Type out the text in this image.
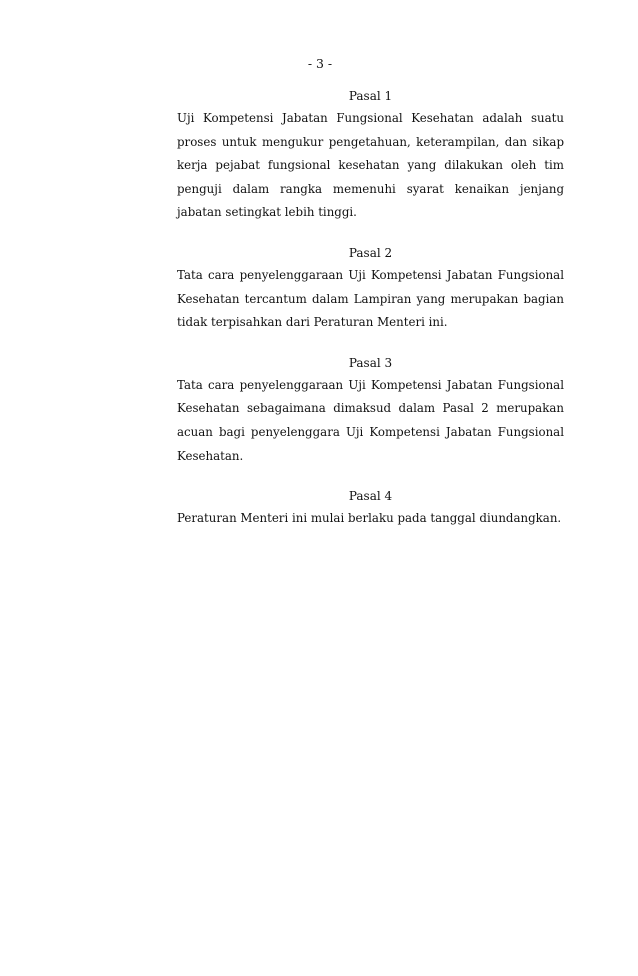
- 3 -
Pasal 1

Uji Kompetensi Jabatan Fungsional Kesehatan adalah suatu proses untuk mengukur pengetahuan, keterampilan, dan sikap kerja pejabat fungsional kesehatan yang dilakukan oleh tim penguji dalam rangka memenuhi syarat kenaikan jenjang jabatan setingkat lebih tinggi.

Pasal 2

Tata cara penyelenggaraan Uji Kompetensi Jabatan Fungsional Kesehatan tercantum dalam Lampiran yang merupakan bagian tidak terpisahkan dari Peraturan Menteri ini.

Pasal 3

Tata cara penyelenggaraan Uji Kompetensi Jabatan Fungsional Kesehatan sebagaimana dimaksud dalam Pasal 2 merupakan acuan bagi penyelenggara Uji Kompetensi Jabatan Fungsional Kesehatan.

Pasal 4

Peraturan Menteri ini mulai berlaku pada tanggal diundangkan.
